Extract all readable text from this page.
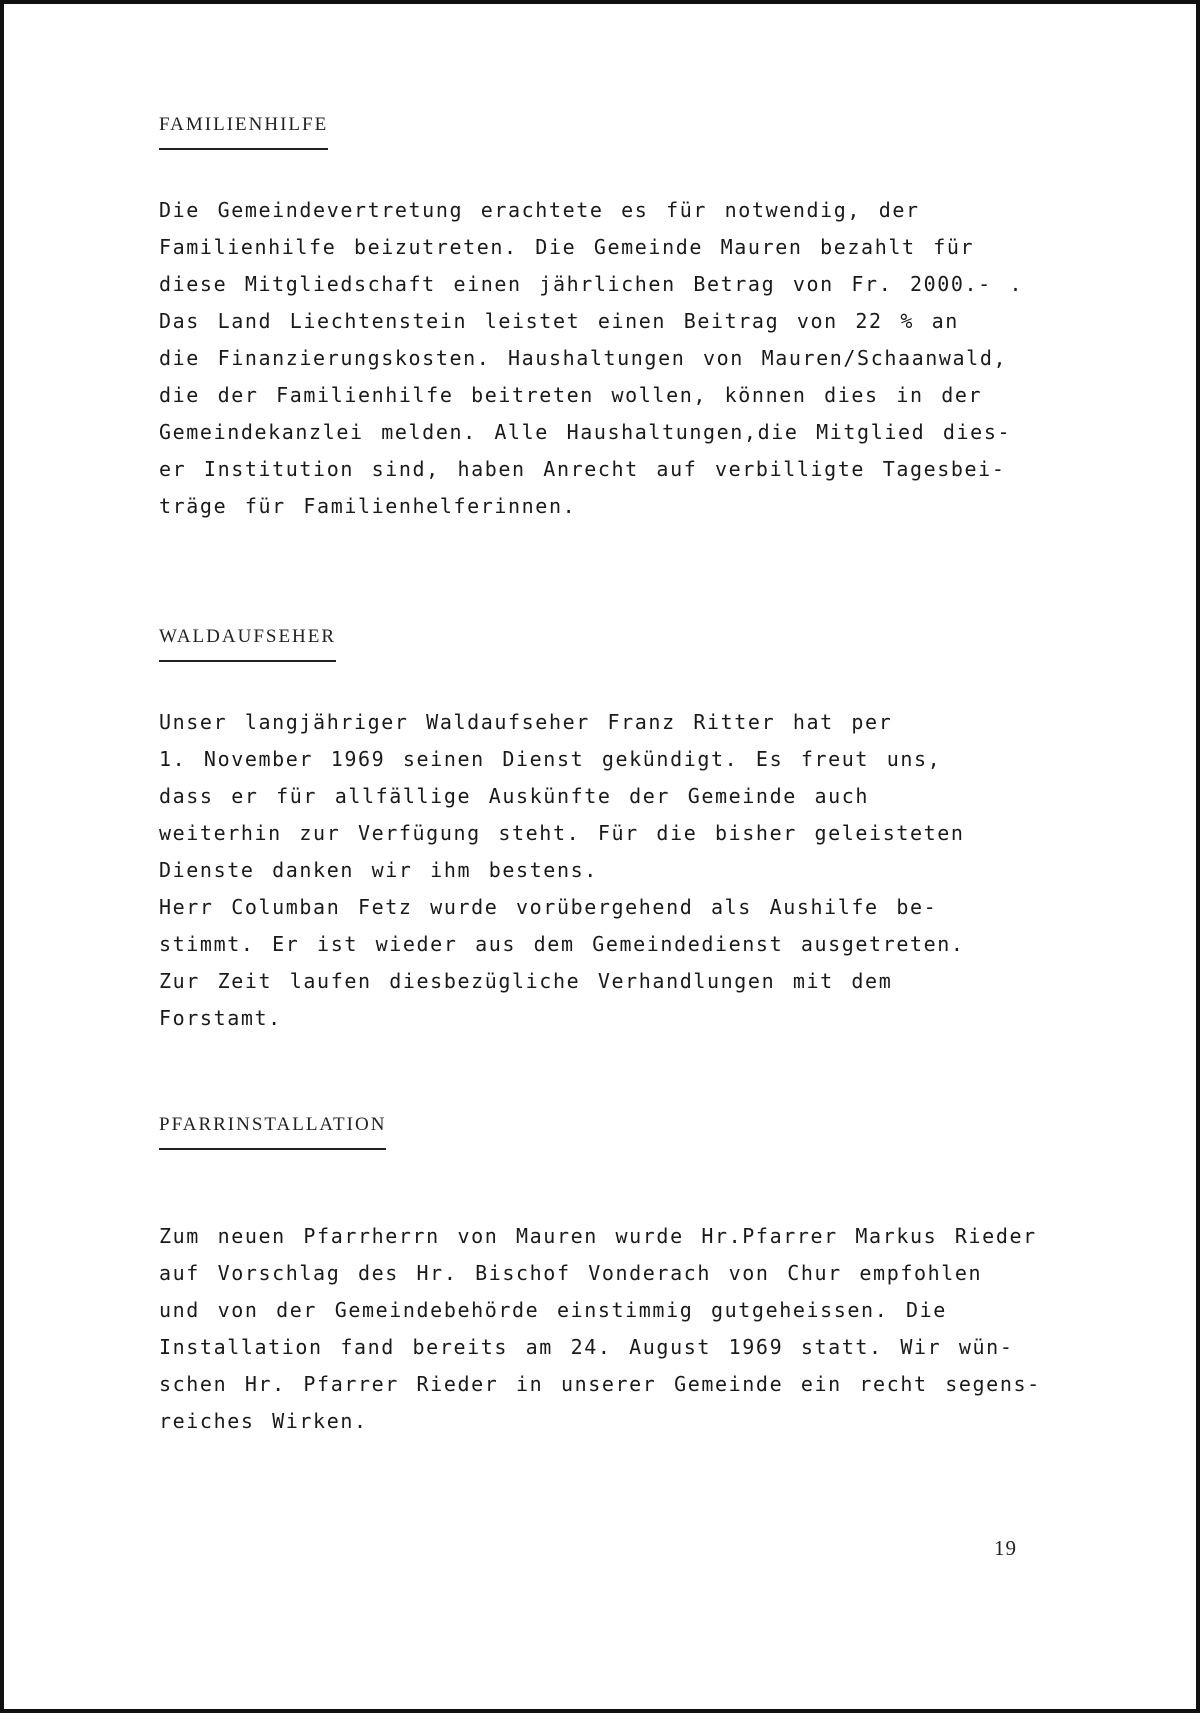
FAMILIENHILFE
Die Gemeindevertretung erachtete es für notwendig, der
Familienhilfe beizutreten. Die Gemeinde Mauren bezahlt für
diese Mitgliedschaft einen jährlichen Betrag von Fr. 2000.- .
Das Land Liechtenstein leistet einen Beitrag von 22 % an
die Finanzierungskosten. Haushaltungen von Mauren/Schaanwald,
die der Familienhilfe beitreten wollen, können dies in der
Gemeindekanzlei melden. Alle Haushaltungen,die Mitglied dies-
er Institution sind, haben Anrecht auf verbilligte Tagesbei-
träge für Familienhelferinnen.
WALDAUFSEHER
Unser langjähriger Waldaufseher Franz Ritter hat per
1. November 1969 seinen Dienst gekündigt. Es freut uns,
dass er für allfällige Auskünfte der Gemeinde auch
weiterhin zur Verfügung steht. Für die bisher geleisteten
Dienste danken wir ihm bestens.
Herr Columban Fetz wurde vorübergehend als Aushilfe be-
stimmt. Er ist wieder aus dem Gemeindedienst ausgetreten.
Zur Zeit laufen diesbezügliche Verhandlungen mit dem
Forstamt.
PFARRINSTALLATION
Zum neuen Pfarrherrn von Mauren wurde Hr.Pfarrer Markus Rieder
auf Vorschlag des Hr. Bischof Vonderach von Chur empfohlen
und von der Gemeindebehörde einstimmig gutgeheissen. Die
Installation fand bereits am 24. August 1969 statt. Wir wün-
schen Hr. Pfarrer Rieder in unserer Gemeinde ein recht segens-
reiches Wirken.
19
